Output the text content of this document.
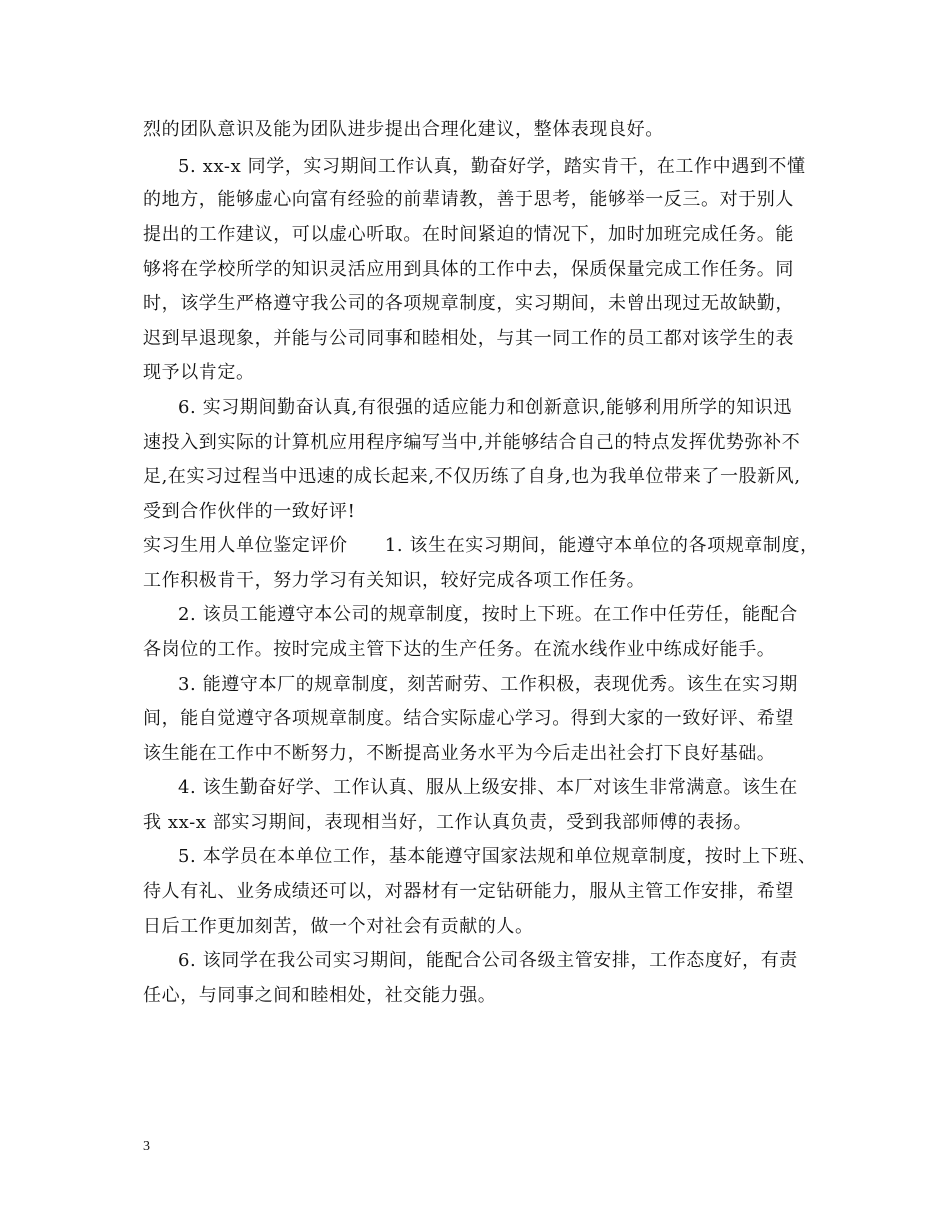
烈的团队意识及能为团队进步提出合理化建议，整体表现良好。
5. xx-x 同学，实习期间工作认真，勤奋好学，踏实肯干，在工作中遇到不懂
的地方，能够虚心向富有经验的前辈请教，善于思考，能够举一反三。对于别人
提出的工作建议，可以虚心听取。在时间紧迫的情况下，加时加班完成任务。能
够将在学校所学的知识灵活应用到具体的工作中去，保质保量完成工作任务。同
时，该学生严格遵守我公司的各项规章制度，实习期间，未曾出现过无故缺勤，
迟到早退现象，并能与公司同事和睦相处，与其一同工作的员工都对该学生的表
现予以肯定。
6. 实习期间勤奋认真,有很强的适应能力和创新意识,能够利用所学的知识迅
速投入到实际的计算机应用程序编写当中,并能够结合自己的特点发挥优势弥补不
足,在实习过程当中迅速的成长起来,不仅历练了自身,也为我单位带来了一股新风,
受到合作伙伴的一致好评!
实习生用人单位鉴定评价　　1. 该生在实习期间，能遵守本单位的各项规章制度，
工作积极肯干，努力学习有关知识，较好完成各项工作任务。
2. 该员工能遵守本公司的规章制度，按时上下班。在工作中任劳任，能配合
各岗位的工作。按时完成主管下达的生产任务。在流水线作业中练成好能手。
3. 能遵守本厂的规章制度，刻苦耐劳、工作积极，表现优秀。该生在实习期
间，能自觉遵守各项规章制度。结合实际虚心学习。得到大家的一致好评、希望
该生能在工作中不断努力，不断提高业务水平为今后走出社会打下良好基础。
4. 该生勤奋好学、工作认真、服从上级安排、本厂对该生非常满意。该生在
我 xx-x 部实习期间，表现相当好，工作认真负责，受到我部师傅的表扬。
5. 本学员在本单位工作，基本能遵守国家法规和单位规章制度，按时上下班、
待人有礼、业务成绩还可以，对器材有一定钻研能力，服从主管工作安排，希望
日后工作更加刻苦，做一个对社会有贡献的人。
6. 该同学在我公司实习期间，能配合公司各级主管安排，工作态度好，有责
任心，与同事之间和睦相处，社交能力强。
3
